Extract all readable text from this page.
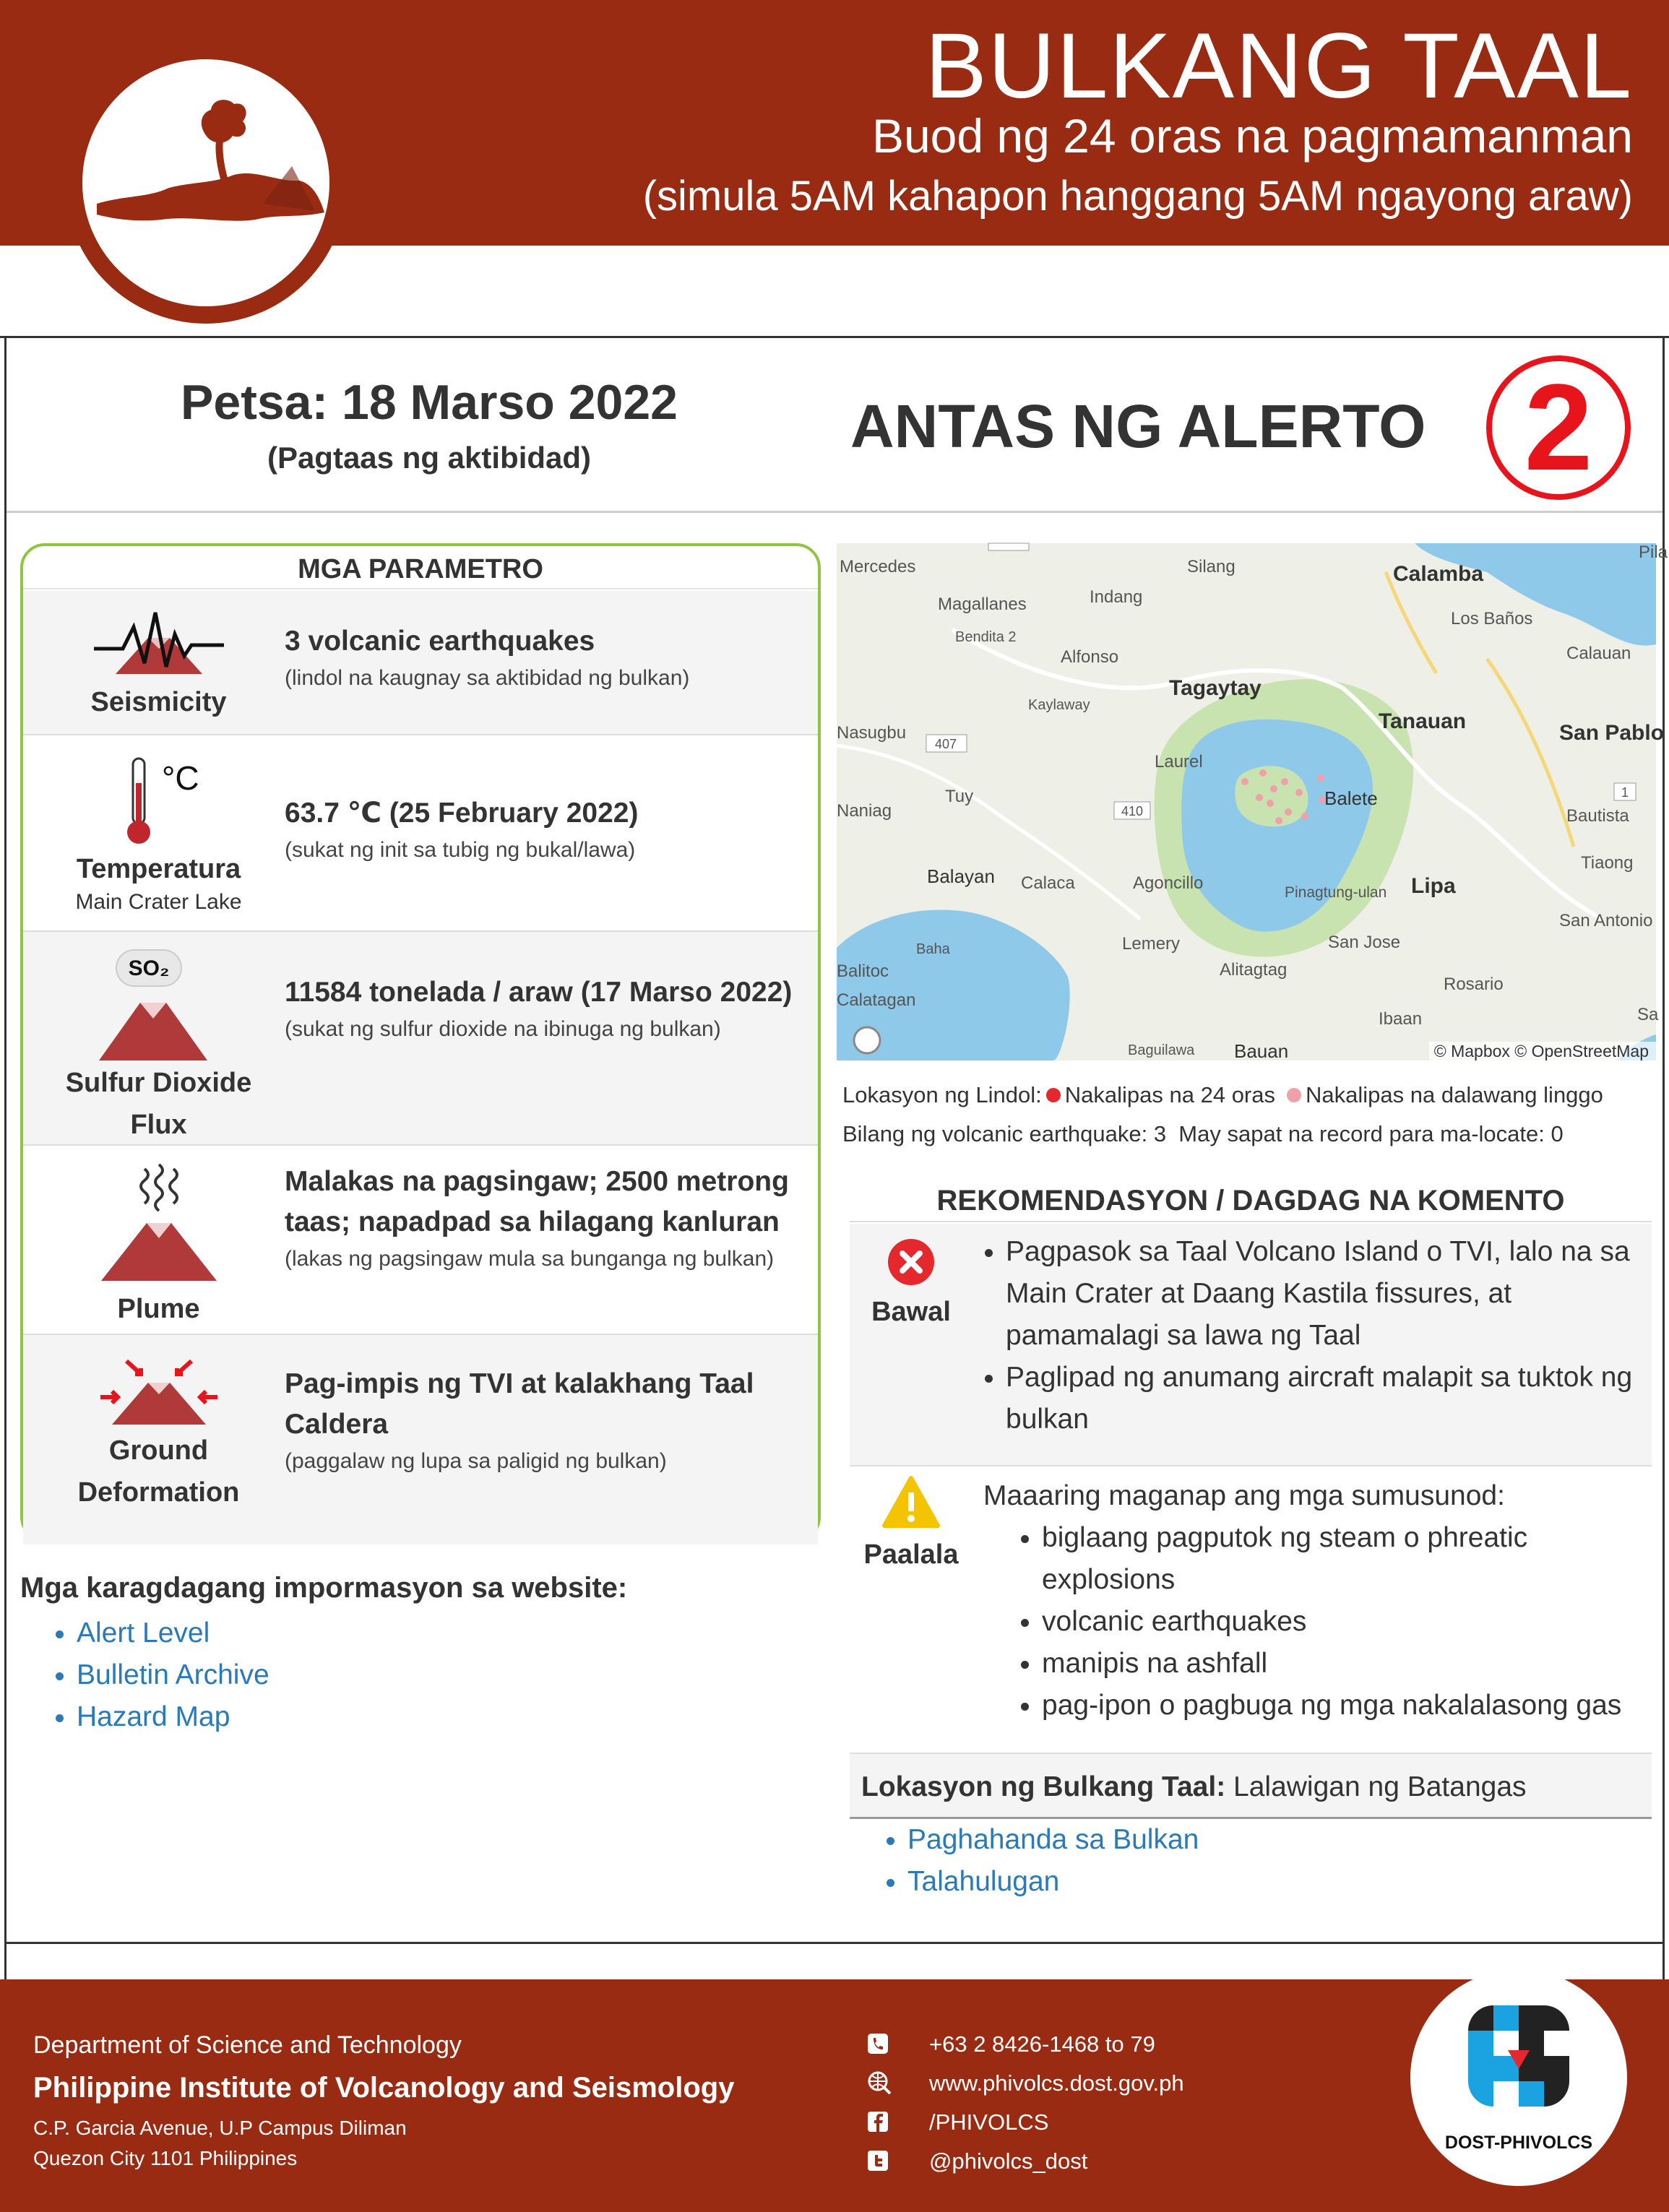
BULKANG TAAL
Buod ng 24 oras na pagmamanman
(simula 5AM kahapon hanggang 5AM ngayong araw)
Petsa: 18 Marso 2022
(Pagtaas ng aktibidad)	ANTAS NG ALERTO 2
MGA PARAMETRO
Seismicity
3 volcanic earthquakes
(lindol na kaugnay sa aktibidad ng bulkan)
°C
Temperatura
Main Crater Lake
63.7 ℃ (25 February 2022)
(sukat ng init sa tubig ng bukal/lawa)
SO₂
Sulfur Dioxide Flux
11584 tonelada / araw (17 Marso 2022)
(sukat ng sulfur dioxide na ibinuga ng bulkan)
Plume
Malakas na pagsingaw; 2500 metrong taas; napadpad sa hilagang kanluran
(lakas ng pagsingaw mula sa bunganga ng bulkan)
Ground Deformation
Pag-impis ng TVI at kalakhang Taal Caldera
(paggalaw ng lupa sa paligid ng bulkan)
Mga karagdagang impormasyon sa website:
• Alert Level
• Bulletin Archive
• Hazard Map
Mercedes
Magallanes	Indang
Silang
Pila
Los Baños
Bendita 2
Alfonso	Calauan
Kaylaway
Nasugbu
Laurel
Tuy
Naniag	Bautista
Tiaong
Calaca	Agoncillo	Pinagtung-ulan
San Antonio
Baha	Lemery	San Jose
Alitagtag
Balitoc
Calatagan
Rosario
Ibaan	Sa
Baguilawa
Calamba
Tagaytay
Tanauan	San Pablo
Balete
Balayan	Lipa
Bauan
407
410
1
© Mapbox © OpenStreetMap
Lokasyon ng Lindol: Nakalipas na 24 oras Nakalipas na dalawang linggo
Bilang ng volcanic earthquake: 3  May sapat na record para ma-locate: 0
REKOMENDASYON / DAGDAG NA KOMENTO
Bawal
• Pagpasok sa Taal Volcano Island o TVI, lalo na sa Main Crater at Daang Kastila fissures, at pamamalagi sa lawa ng Taal
• Paglipad ng anumang aircraft malapit sa tuktok ng bulkan
Paalala
Maaaring maganap ang mga sumusunod:
• biglaang pagputok ng steam o phreatic explosions
• volcanic earthquakes
• manipis na ashfall
• pag-ipon o pagbuga ng mga nakalalasong gas
Lokasyon ng Bulkang Taal: Lalawigan ng Batangas
• Paghahanda sa Bulkan
• Talahulugan
Department of Science and Technology
Philippine Institute of Volcanology and Seismology
C.P. Garcia Avenue, U.P Campus Diliman
Quezon City 1101 Philippines
+63 2 8426-1468 to 79
www.phivolcs.dost.gov.ph
/PHIVOLCS
@phivolcs_dost
DOST-PHIVOLCS
